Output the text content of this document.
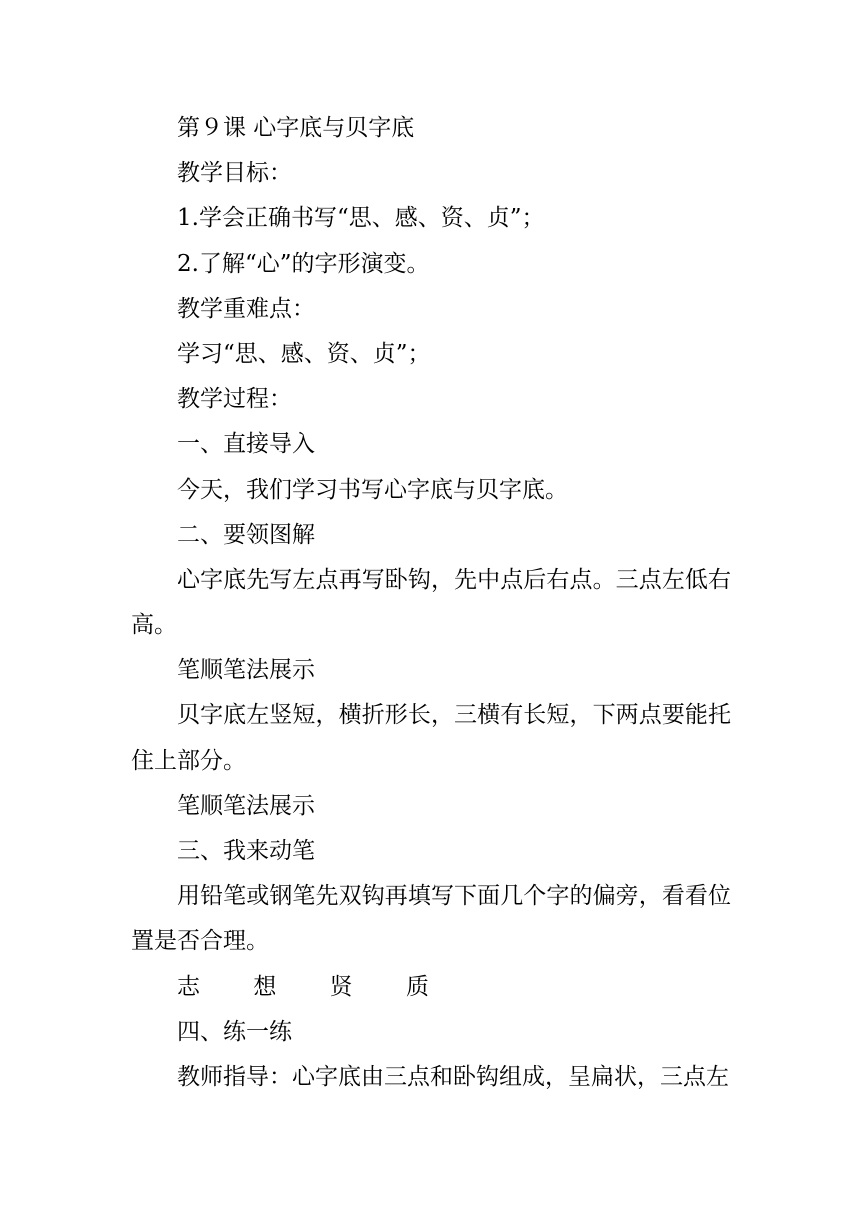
第９课 心字底与贝字底
教学目标：
1.学会正确书写“思、感、资、贞”；
2.了解“心”的字形演变。
教学重难点：
学习“思、感、资、贞”；
教学过程：
一、直接导入
今天，我们学习书写心字底与贝字底。
二、要领图解
心字底先写左点再写卧钩，先中点后右点。三点左低右高。
笔顺笔法展示
贝字底左竖短，横折形长，三横有长短，下两点要能托住上部分。
笔顺笔法展示
三、我来动笔
用铅笔或钢笔先双钩再填写下面几个字的偏旁，看看位置是否合理。
志 想 贤 质
四、练一练
教师指导：心字底由三点和卧钩组成，呈扁状，三点左
